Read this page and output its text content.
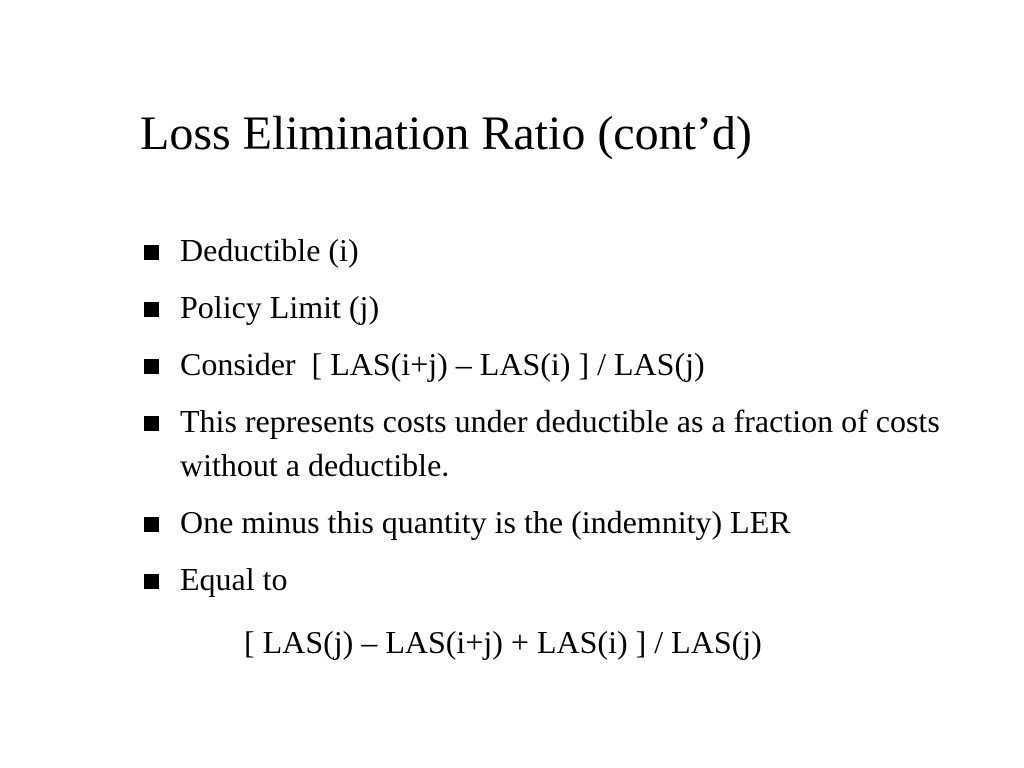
Loss Elimination Ratio (cont’d)
Deductible (i)
Policy Limit (j)
Consider  [ LAS(i+j) – LAS(i) ] / LAS(j)
This represents costs under deductible as a fraction of costs without a deductible.
One minus this quantity is the (indemnity) LER
Equal to
[ LAS(j) – LAS(i+j) + LAS(i) ] / LAS(j)
